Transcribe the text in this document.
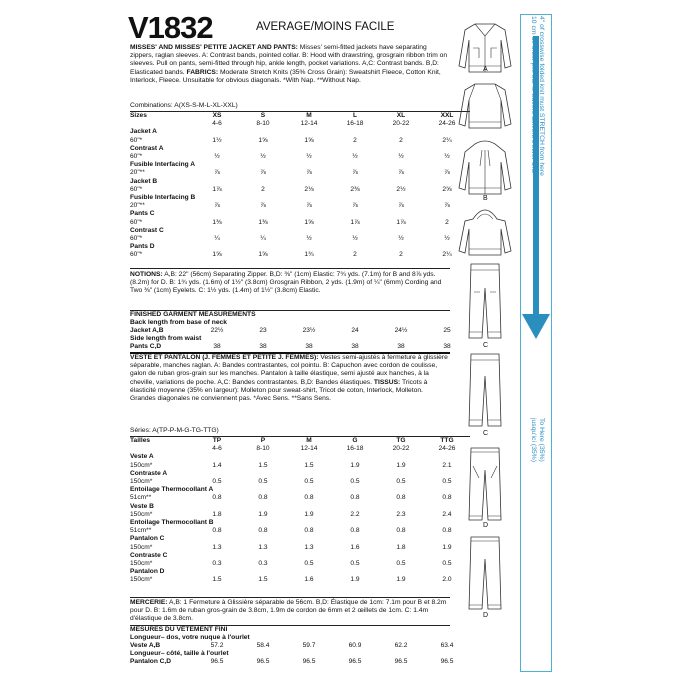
V1832	AVERAGE/MOINS FACILE
MISSES' AND MISSES' PETITE JACKET AND PANTS: Misses' semi-fitted jackets have separating zippers, raglan sleeves. A: Contrast bands, pointed collar. B: Hood with drawstring, grosgrain ribbon trim on sleeves. Pull on pants, semi-fitted through hip, ankle length, pocket variations. A,C: Contrast bands. B,D: Elasticated bands. FABRICS: Moderate Stretch Knits (35% Cross Grain): Sweatshirt Fleece, Cotton Knit, Interlock, Fleece. Unsuitable for obvious diagonals. *With Nap. **Without Nap.
Combinations: A(XS-S-M-L-XL-XXL)
Sizes	XS	S	M	L	XL	XXL
	4-6	8-10	12-14	16-18	20-22	24-26
Jacket A						
60"*	1½	1⅝	1⅝	2	2	2¼
Contrast A						
60"*	½	½	½	½	½	½
Fusible Interfacing A						
20"**	⅞	⅞	⅞	⅞	⅞	⅞
Jacket B						
60"*	1⅞	2	2⅛	2⅜	2½	2⅝
Fusible Interfacing B						
20"**	⅞	⅞	⅞	⅞	⅞	⅞
Pants C						
60"*	1⅜	1⅜	1⅝	1⅞	1⅞	2
Contrast C						
60"*	¼	¼	½	½	½	½
Pants D						
60"*	1⅝	1⅝	1¾	2	2	2¼
NOTIONS: A,B: 22" (56cm) Separating Zipper. B,D: ⅜" (1cm) Elastic: 7¾ yds. (7.1m) for B and 8⅞ yds. (8.2m) for D. B: 1¾ yds. (1.6m) of 1½" (3.8cm) Grosgrain Ribbon, 2 yds. (1.9m) of ¼" (6mm) Cording and Two ⅜" (1cm) Eyelets. C: 1½ yds. (1.4m) of 1½" (3.8cm) Elastic.
FINISHED GARMENT MEASUREMENTS
Back length from base of neck
Jacket A,B	22½	23	23½	24	24½	25
Side length from waist
Pants C,D	38	38	38	38	38	38
VESTE ET PANTALON (J. FEMMES ET PETITE J. FEMMES): Vestes semi-ajustés à fermeture à glissière séparable, manches raglan. A: Bandes contrastantes, col pointu. B: Capuchon avec cordon de coulisse, galon de ruban gros-grain sur les manches. Pantalon à taille élastique, semi ajusté aux hanches, à la cheville, variations de poche. A,C: Bandes contrastantes. B,D: Bandes élastiques. TISSUS: Tricots à élasticité moyenne (35% en largeur): Molleton pour sweat-shirt, Tricot de coton, Interlock, Molleton. Grandes diagonales ne conviennent pas. *Avec Sens. **Sans Sens.
Séries: A(TP-P-M-G-TG-TTG)
Tailles	TP	P	M	G	TG	TTG
	4-6	8-10	12-14	16-18	20-22	24-26
Veste A						
150cm*	1.4	1.5	1.5	1.9	1.9	2.1
Contraste A						
150cm*	0.5	0.5	0.5	0.5	0.5	0.5
Entoilage Thermocollant A						
51cm**	0.8	0.8	0.8	0.8	0.8	0.8
Veste B						
150cm*	1.8	1.9	1.9	2.2	2.3	2.4
Entoilage Thermocollant B						
51cm**	0.8	0.8	0.8	0.8	0.8	0.8
Pantalon C						
150cm*	1.3	1.3	1.3	1.6	1.8	1.9
Contraste C						
150cm*	0.3	0.3	0.5	0.5	0.5	0.5
Pantalon D						
150cm*	1.5	1.5	1.6	1.9	1.9	2.0
MERCERIE: A,B: 1 Fermeture à Glissière séparable de 56cm. B,D: Élastique de 1cm: 7.1m pour B et 8.2m pour D. B: 1.6m de ruban gros-grain de 3.8cm, 1.9m de cordon de 6mm et 2 œillets de 1cm. C: 1.4m d'élastique de 3.8cm.
MESURES DU VÊTEMENT FINI
Longueur– dos, votre nuque à l'ourlet
Veste A,B	57.2	58.4	59.7	60.9	62.2	63.4
Longueur– côté, taille à l'ourlet
Pantalon C,D	96.5	96.5	96.5	96.5	96.5	96.5
A
B
C
C
D
D
4" of crosswise folded knit must STRETCH from here
10 cm de tricot plié sur le travers doivent s'étirer d'ici
To Here (35%)
jusqu'ici (35%)
